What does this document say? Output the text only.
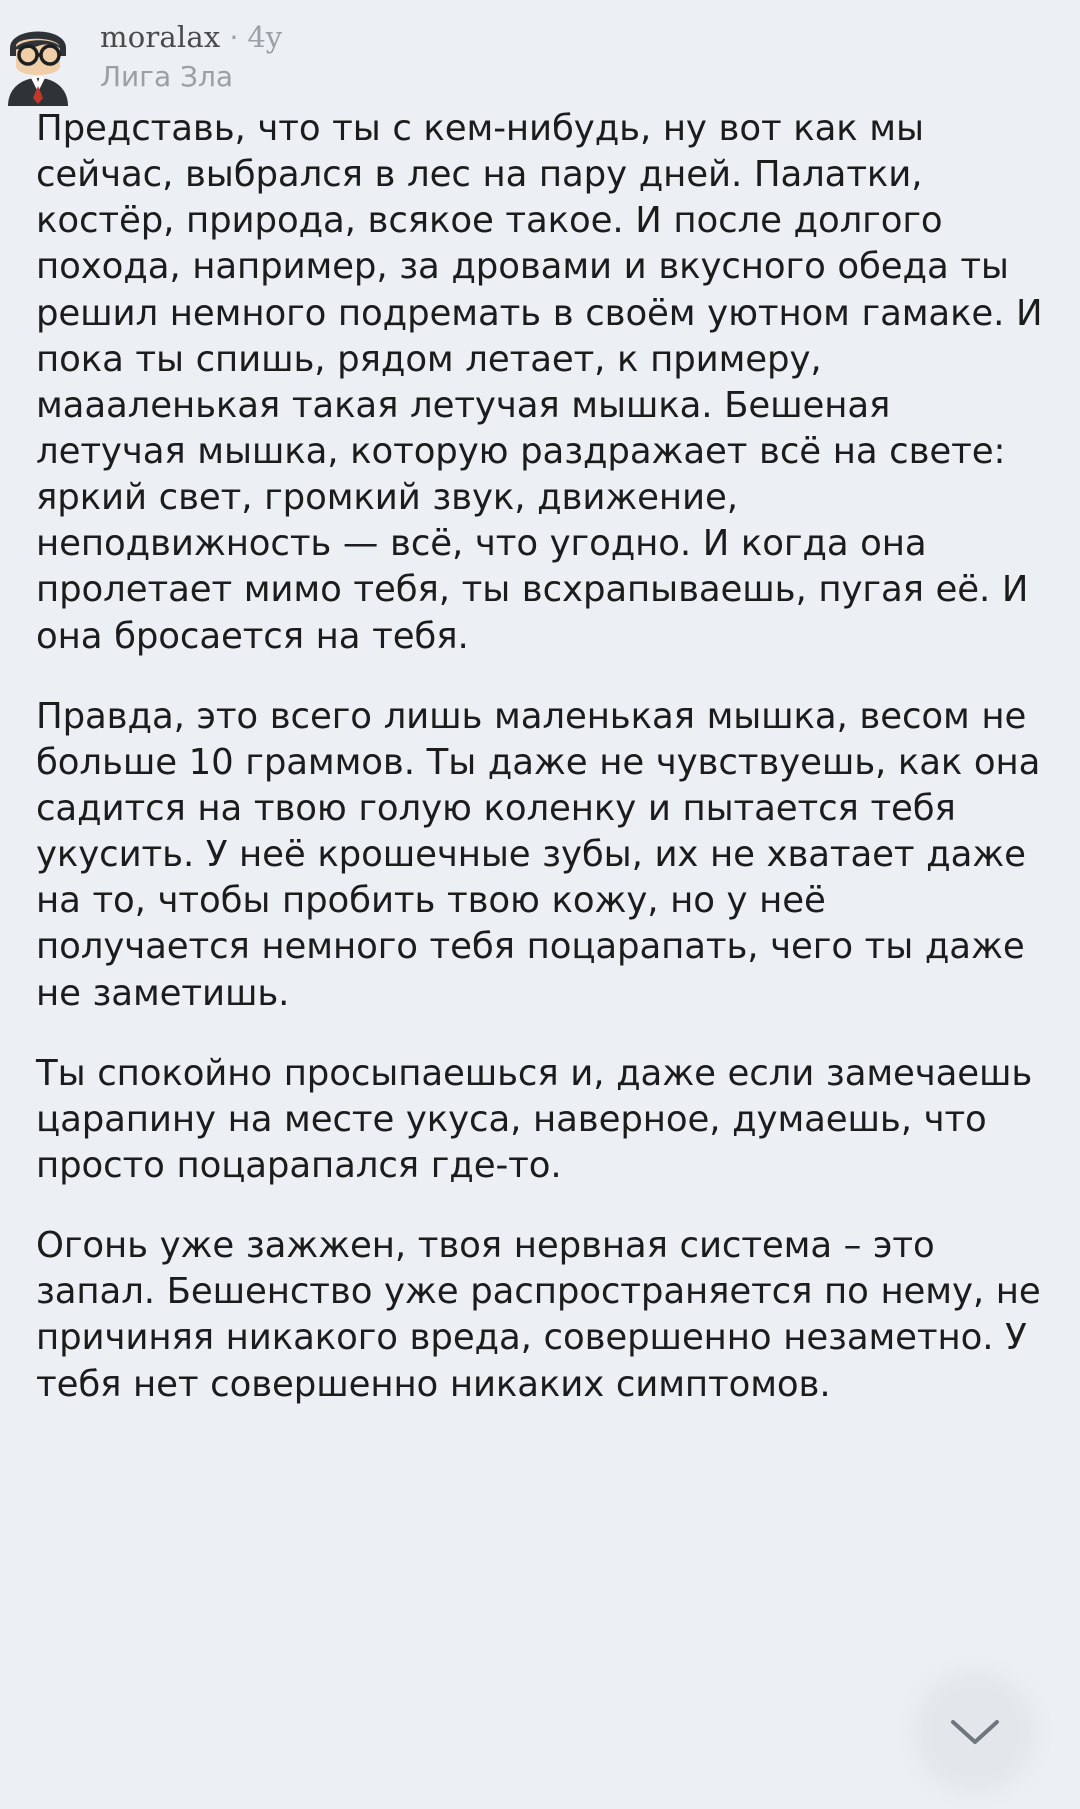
moralax · 4y
Лига Зла

Представь, что ты с кем-нибудь, ну вот как мы сейчас, выбрался в лес на пару дней. Палатки, костёр, природа, всякое такое. И после долгого похода, например, за дровами и вкусного обеда ты решил немного подремать в своём уютном гамаке. И пока ты спишь, рядом летает, к примеру, маааленькая такая летучая мышка. Бешеная летучая мышка, которую раздражает всё на свете: яркий свет, громкий звук, движение, неподвижность — всё, что угодно. И когда она пролетает мимо тебя, ты всхрапываешь, пугая её. И она бросается на тебя.

Правда, это всего лишь маленькая мышка, весом не больше 10 граммов. Ты даже не чувствуешь, как она садится на твою голую коленку и пытается тебя укусить. У неё крошечные зубы, их не хватает даже на то, чтобы пробить твою кожу, но у неё получается немного тебя поцарапать, чего ты даже не заметишь.

Ты спокойно просыпаешься и, даже если замечаешь царапину на месте укуса, наверное, думаешь, что просто поцарапался где-то.

Огонь уже зажжен, твоя нервная система – это запал. Бешенство уже распространяется по нему, не причиняя никакого вреда, совершенно незаметно. У тебя нет совершенно никаких симптомов.
